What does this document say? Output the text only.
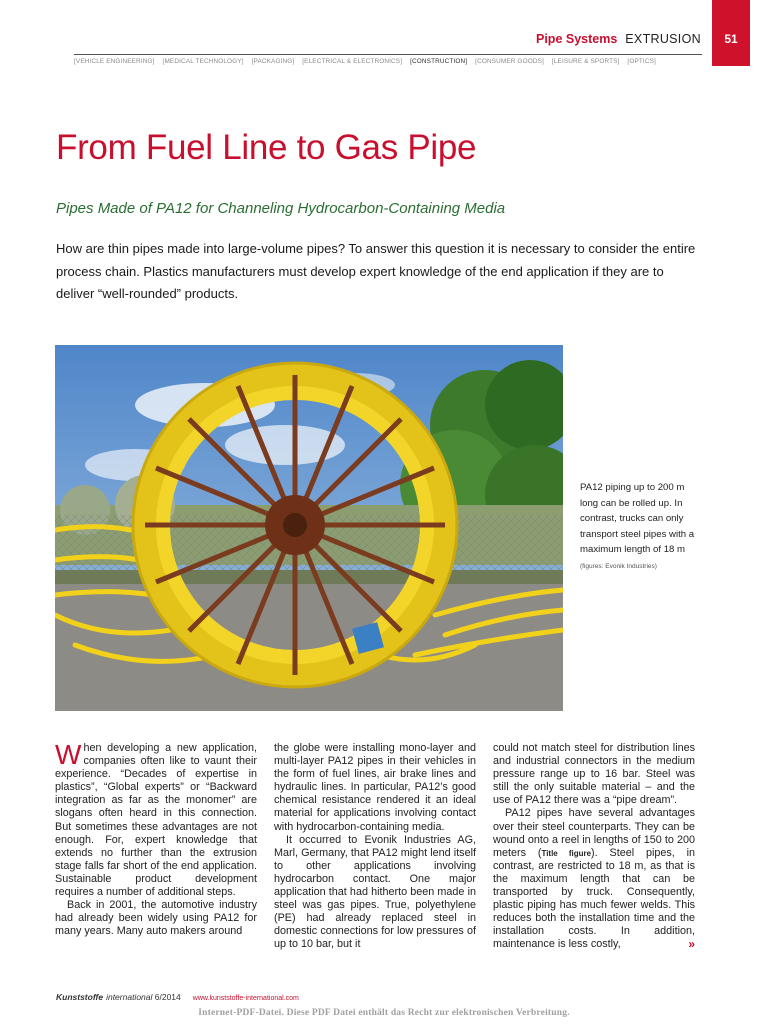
51
Pipe Systems EXTRUSION
[VEHICLE ENGINEERING] [MEDICAL TECHNOLOGY] [PACKAGING] [ELECTRICAL & ELECTRONICS] [CONSTRUCTION] [CONSUMER GOODS] [LEISURE & SPORTS] [OPTICS]
From Fuel Line to Gas Pipe
Pipes Made of PA12 for Channeling Hydrocarbon-Containing Media
How are thin pipes made into large-volume pipes? To answer this question it is necessary to consider the entire process chain. Plastics manufacturers must develop expert knowledge of the end application if they are to deliver “well-rounded” products.
PA12 piping up to 200 m long can be rolled up. In contrast, trucks can only transport steel pipes with a maximum length of 18 m (figures: Evonik Industries)

When developing a new application, companies often like to vaunt their experience. “Decades of expertise in plastics”, “Global experts” or “Backward integration as far as the monomer” are slogans often heard in this connection. But sometimes these advantages are not enough. For, expert knowledge that extends no further than the extrusion stage falls far short of the end application. Sustainable product development requires a number of additional steps.

Back in 2001, the automotive industry had already been widely using PA12 for many years. Many auto makers around

the globe were installing mono-layer and multi-layer PA12 pipes in their vehicles in the form of fuel lines, air brake lines and hydraulic lines. In particular, PA12’s good chemical resistance rendered it an ideal material for applications involving contact with hydrocarbon-containing media.

It occurred to Evonik Industries AG, Marl, Germany, that PA12 might lend itself to other applications involving hydrocarbon contact. One major application that had hitherto been made in steel was gas pipes. True, polyethylene (PE) had already replaced steel in domestic connections for low pressures of up to 10 bar, but it

could not match steel for distribution lines and industrial connectors in the medium pressure range up to 16 bar. Steel was still the only suitable material – and the use of PA12 there was a “pipe dream”.

PA12 pipes have several advantages over their steel counterparts. They can be wound onto a reel in lengths of 150 to 200 meters (Title figure). Steel pipes, in contrast, are restricted to 18 m, as that is the maximum length that can be transported by truck. Consequently, plastic piping has much fewer welds. This reduces both the installation time and the installation costs. In addition, maintenance is less costly,	»

Kunststoffe international 6/2014 www.kunststoffe-international.com
Internet-PDF-Datei. Diese PDF Datei enthält das Recht zur elektronischen Verbreitung.
